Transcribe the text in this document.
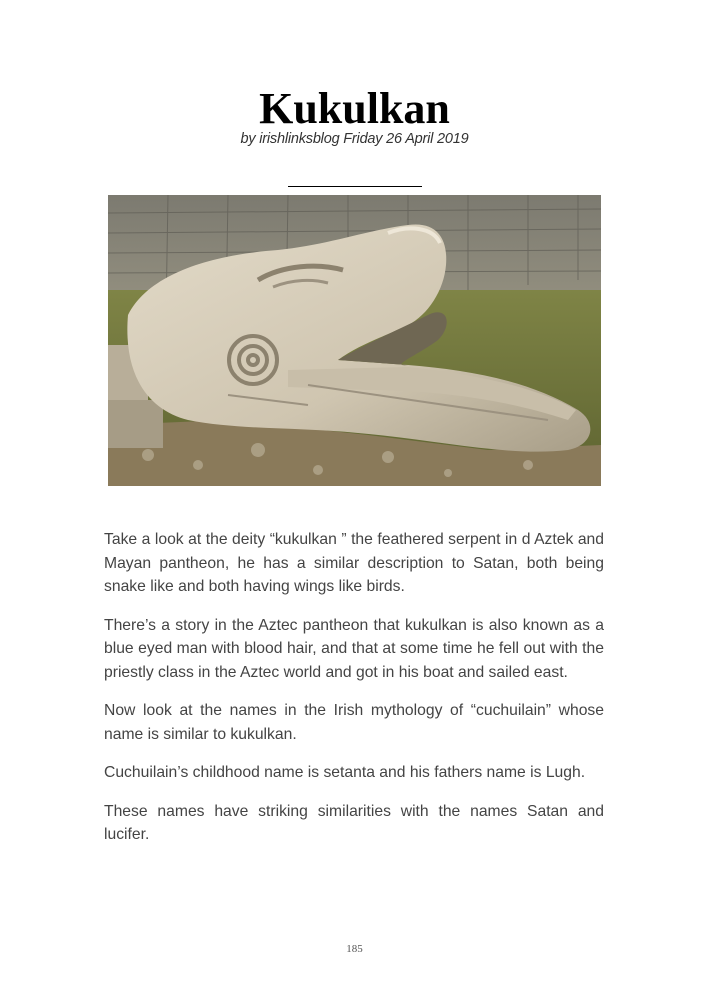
Kukulkan
by irishlinksblog Friday 26 April 2019

Take a look at the deity “kukulkan ” the feathered serpent in d Aztek and Mayan pantheon, he has a similar description to Satan, both being snake like and both having wings like birds.

There’s a story in the Aztec pantheon that kukulkan is also known as a blue eyed man with blood hair, and that at some time he fell out with the priestly class in the Aztec world and got in his boat and sailed east.

Now look at the names in the Irish mythology of “cuchuilain” whose name is similar to kukulkan.

Cuchuilain’s childhood name is setanta and his fathers name is Lugh.

These names have striking similarities with the names Satan and lucifer.

185
